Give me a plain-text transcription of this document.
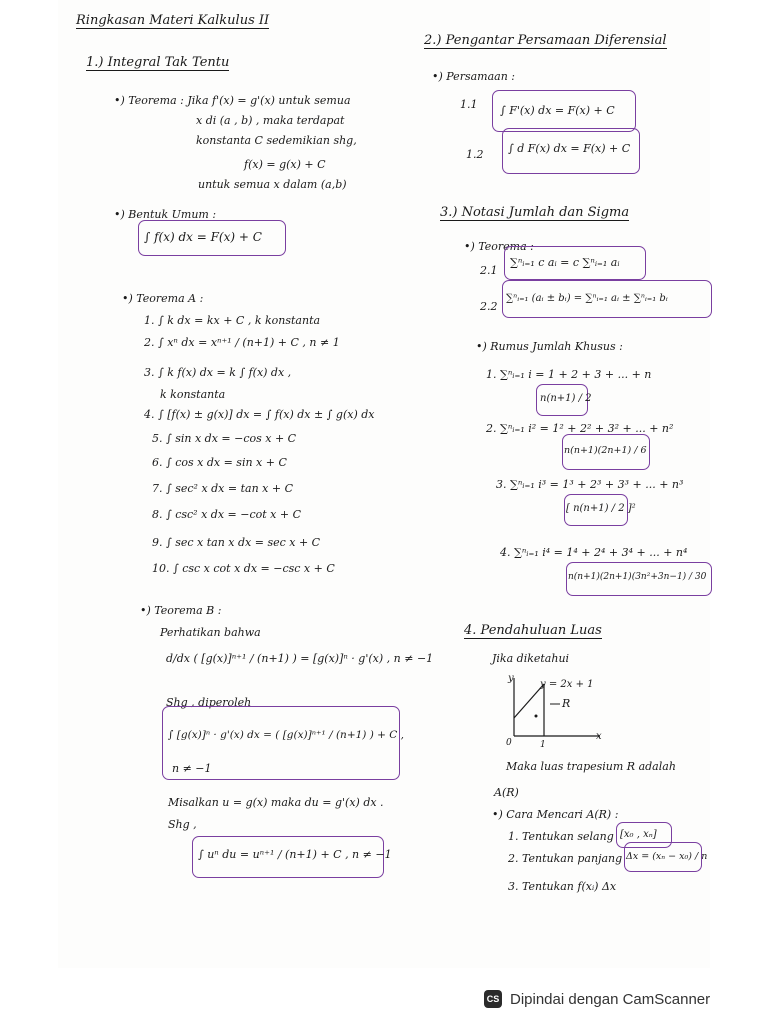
Ringkasan Materi Kalkulus II
1.) Integral Tak Tentu
•) Teorema : Jika f'(x) = g'(x) untuk semua
x di (a , b) , maka terdapat
konstanta C sedemikian shg,
f(x) = g(x) + C
untuk semua x dalam (a,b)
•) Bentuk Umum :
∫ f(x) dx = F(x) + C
•) Teorema A :
1. ∫ k dx = kx + C , k konstanta
2. ∫ xⁿ dx = xⁿ⁺¹ / (n+1) + C , n ≠ 1
3. ∫ k f(x) dx = k ∫ f(x) dx ,
k konstanta
4. ∫ [f(x) ± g(x)] dx = ∫ f(x) dx ± ∫ g(x) dx
5. ∫ sin x dx = −cos x + C
6. ∫ cos x dx = sin x + C
7. ∫ sec² x dx = tan x + C
8. ∫ csc² x dx = −cot x + C
9. ∫ sec x tan x dx = sec x + C
10. ∫ csc x cot x dx = −csc x + C
•) Teorema B :
Perhatikan bahwa
d/dx ( [g(x)]ⁿ⁺¹ / (n+1) ) = [g(x)]ⁿ · g'(x) , n ≠ −1
Shg , diperoleh
∫ [g(x)]ⁿ · g'(x) dx = ( [g(x)]ⁿ⁺¹ / (n+1) ) + C ,
n ≠ −1
Misalkan u = g(x) maka du = g'(x) dx .
Shg ,
∫ uⁿ du = uⁿ⁺¹ / (n+1) + C , n ≠ −1
2.) Pengantar Persamaan Diferensial
•) Persamaan :
1.1 ∫ F'(x) dx = F(x) + C
1.2 ∫ d F(x) dx = F(x) + C
3.) Notasi Jumlah dan Sigma
•) Teorema :
2.1
∑ⁿᵢ₌₁ c aᵢ = c ∑ⁿᵢ₌₁ aᵢ
2.2
∑ⁿᵢ₌₁ (aᵢ ± bᵢ) = ∑ⁿᵢ₌₁ aᵢ ± ∑ⁿᵢ₌₁ bᵢ
•) Rumus Jumlah Khusus :
1. ∑ⁿᵢ₌₁ i = 1 + 2 + 3 + ... + n
n(n+1) / 2
2. ∑ⁿᵢ₌₁ i² = 1² + 2² + 3² + ... + n²
n(n+1)(2n+1) / 6
3. ∑ⁿᵢ₌₁ i³ = 1³ + 2³ + 3³ + ... + n³
[ n(n+1) / 2 ]²
4. ∑ⁿᵢ₌₁ i⁴ = 1⁴ + 2⁴ + 3⁴ + ... + n⁴
n(n+1)(2n+1)(3n²+3n−1) / 30
4. Pendahuluan Luas
Jika diketahui
y = 2x + 1
R
x
y
0	1
Maka luas trapesium R adalah
A(R)
•) Cara Mencari A(R) :
1. Tentukan selang [x₀ , xₙ]
2. Tentukan panjang Δx = (xₙ − x₀) / n
3. Tentukan f(xᵢ) Δx
CS Dipindai dengan CamScanner
